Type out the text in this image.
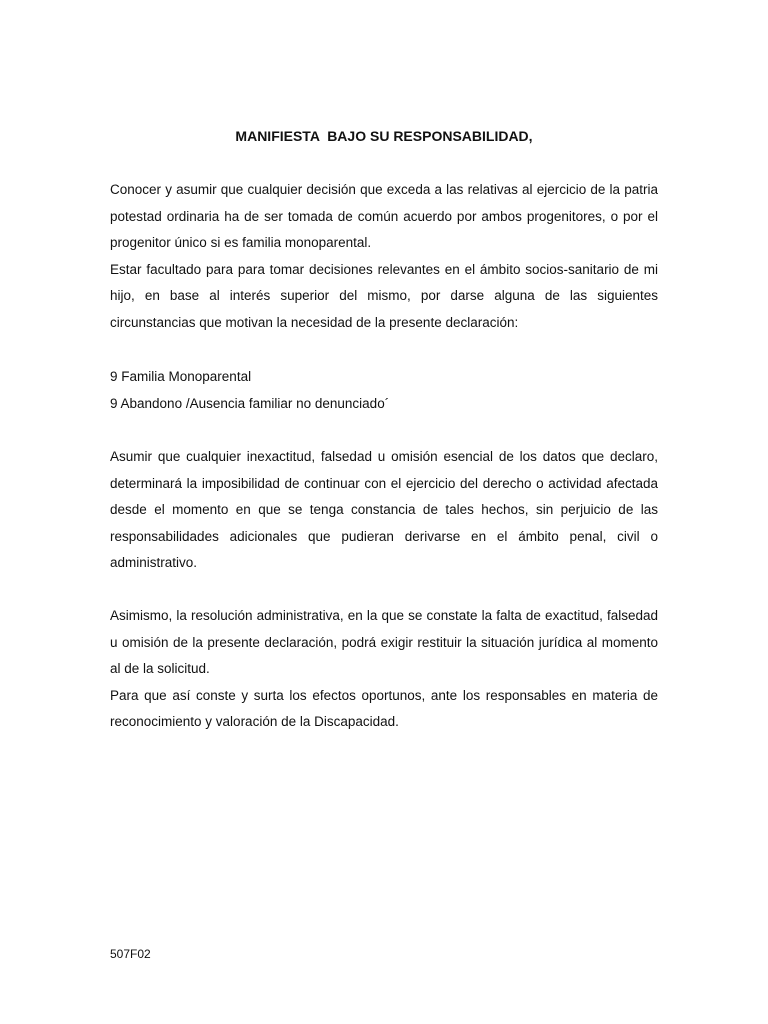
MANIFIESTA  BAJO SU RESPONSABILIDAD,

Conocer y asumir que cualquier decisión que exceda a las relativas al ejercicio de la patria potestad ordinaria ha de ser tomada de común acuerdo por ambos progenitores, o por el progenitor único si es familia monoparental.

Estar facultado para para tomar decisiones relevantes en el ámbito socios-sanitario de mi hijo, en base al interés superior del mismo, por darse alguna de las siguientes circunstancias que motivan la necesidad de la presente declaración:

9 Familia Monoparental
9 Abandono /Ausencia familiar no denunciado´

Asumir que cualquier inexactitud, falsedad u omisión esencial de los datos que declaro, determinará la imposibilidad de continuar con el ejercicio del derecho o actividad afectada desde el momento en que se tenga constancia de tales hechos, sin perjuicio de las responsabilidades adicionales que pudieran derivarse en el ámbito penal, civil o administrativo.

Asimismo, la resolución administrativa, en la que se constate la falta de exactitud, falsedad u omisión de la presente declaración, podrá exigir restituir la situación jurídica al momento al de la solicitud.

Para que así conste y surta los efectos oportunos, ante los responsables en materia de reconocimiento y valoración de la Discapacidad.

507F02
